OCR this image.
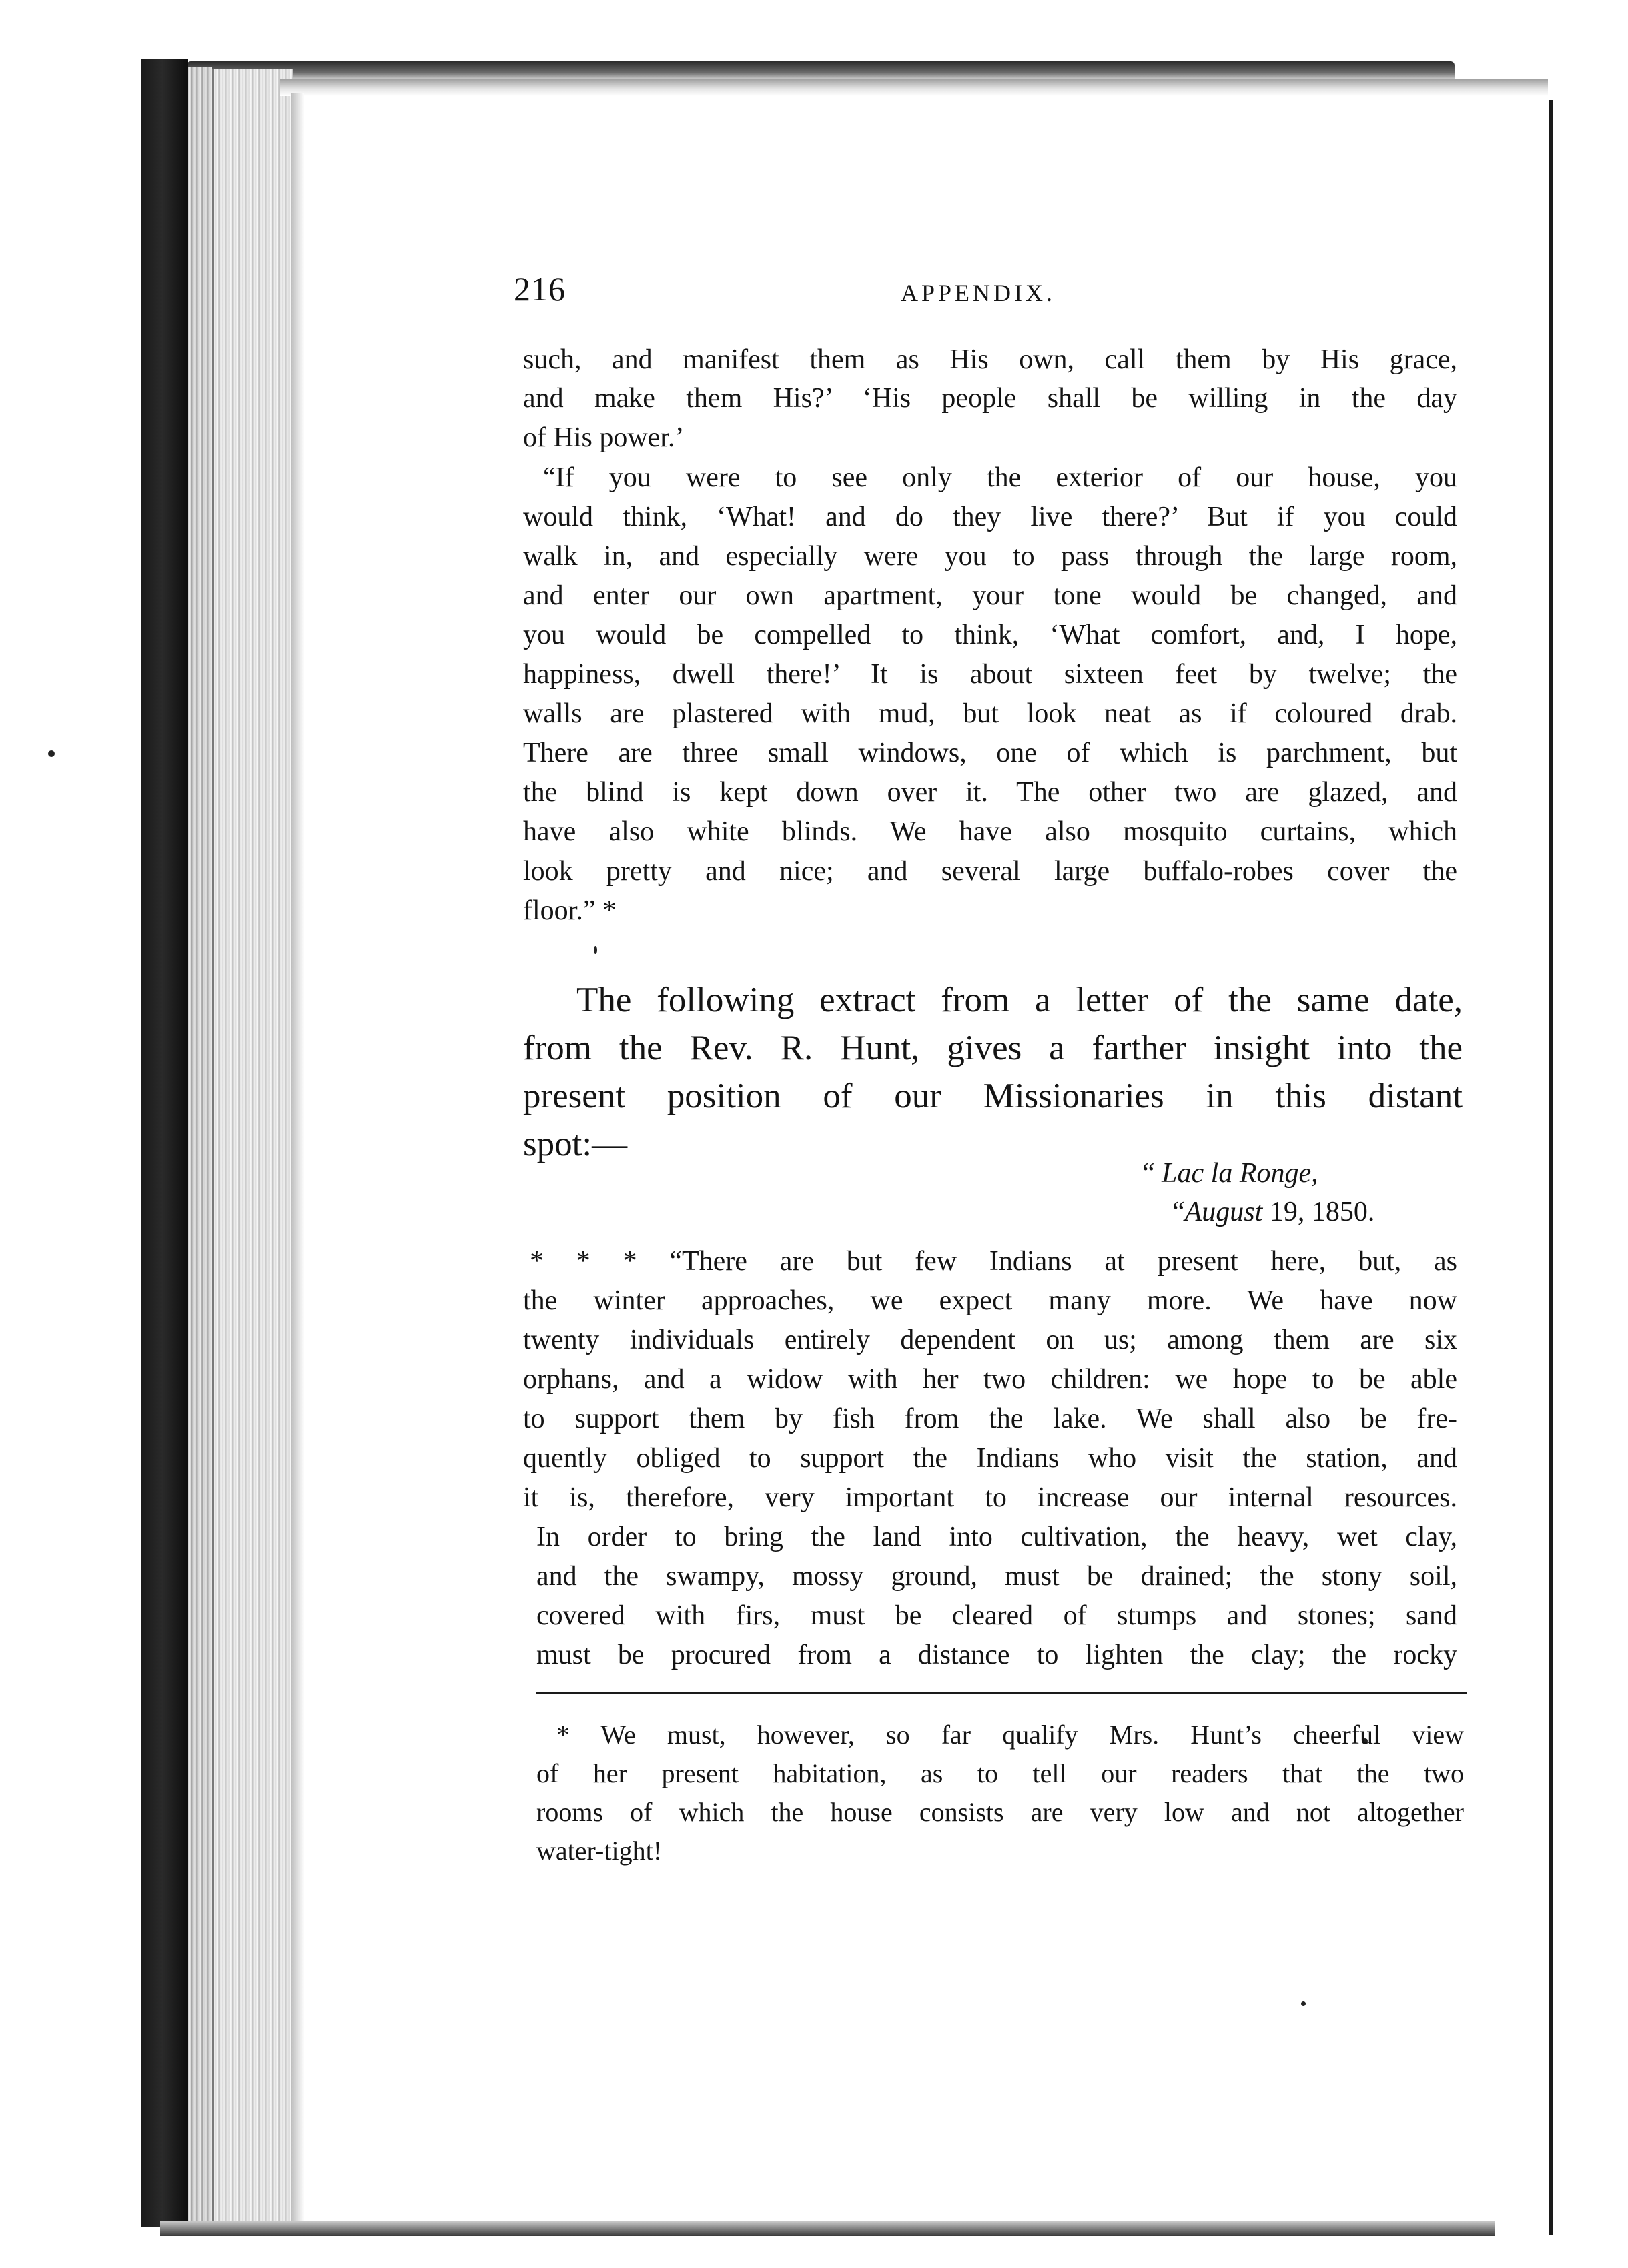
216	APPENDIX.
such, and manifest them as His own, call them by His grace,
and make them His?’ ‘His people shall be willing in the day
of His power.’
“If you were to see only the exterior of our house, you
would think, ‘What! and do they live there?’ But if you could
walk in, and especially were you to pass through the large room,
and enter our own apartment, your tone would be changed, and
you would be compelled to think, ‘What comfort, and, I hope,
happiness, dwell there!’ It is about sixteen feet by twelve; the
walls are plastered with mud, but look neat as if coloured drab.
There are three small windows, one of which is parchment, but
the blind is kept down over it. The other two are glazed, and
have also white blinds. We have also mosquito curtains, which
look pretty and nice; and several large buffalo-robes cover the
floor.” *
The following extract from a letter of the same date,
from the Rev. R. Hunt, gives a farther insight into the
present position of our Missionaries in this distant
spot:—
“ Lac la Ronge,
“August 19, 1850.
* * * “There are but few Indians at present here, but, as
the winter approaches, we expect many more. We have now
twenty individuals entirely dependent on us; among them are six
orphans, and a widow with her two children: we hope to be able
to support them by fish from the lake. We shall also be fre-
quently obliged to support the Indians who visit the station, and
it is, therefore, very important to increase our internal resources.
In order to bring the land into cultivation, the heavy, wet clay,
and the swampy, mossy ground, must be drained; the stony soil,
covered with firs, must be cleared of stumps and stones; sand
must be procured from a distance to lighten the clay; the rocky
* We must, however, so far qualify Mrs. Hunt’s cheerful view
of her present habitation, as to tell our readers that the two
rooms of which the house consists are very low and not altogether
water-tight!
